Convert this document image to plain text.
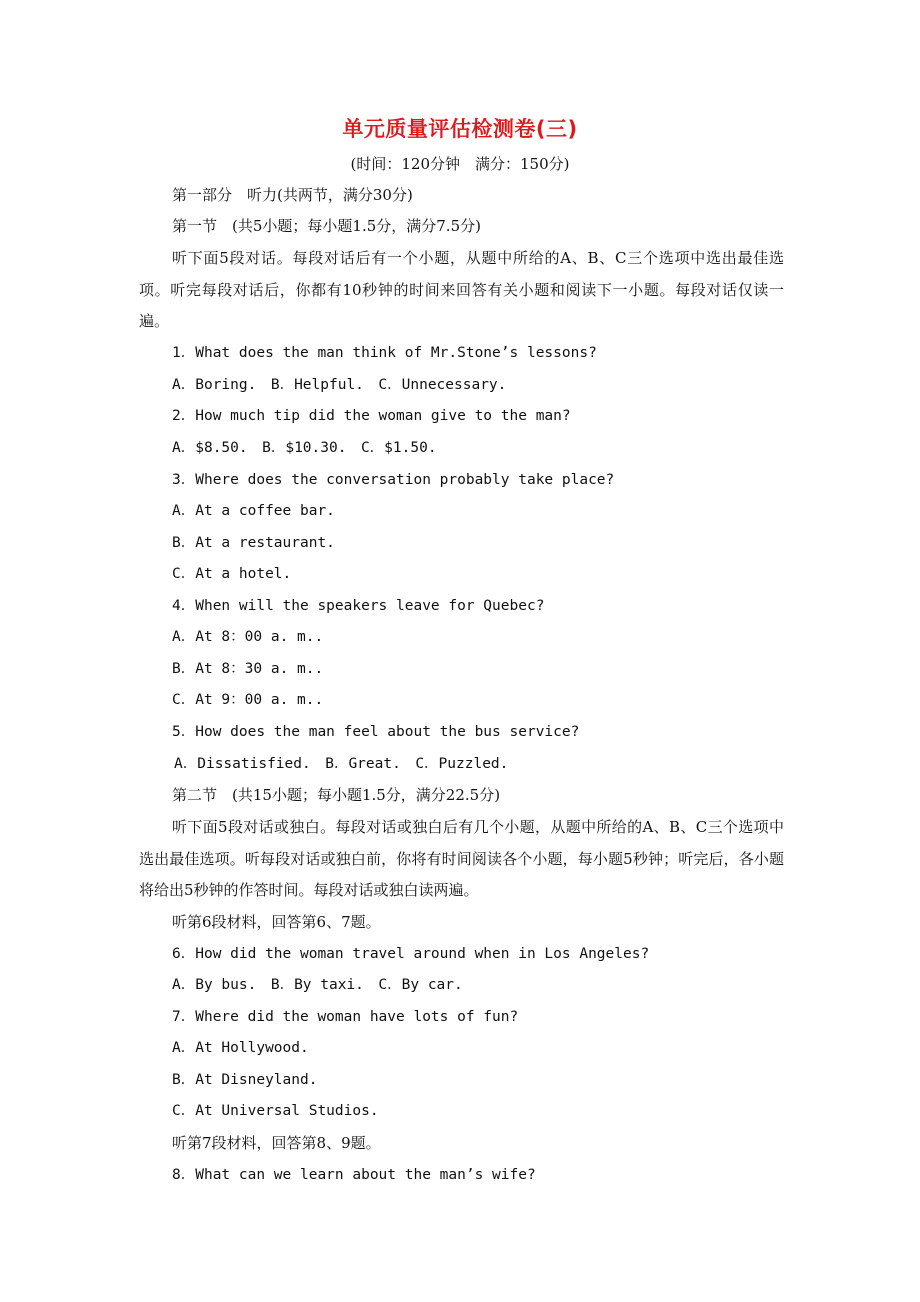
单元质量评估检测卷(三)
(时间：120分钟　满分：150分)
第一部分　听力(共两节，满分30分)
第一节　(共5小题；每小题1.5分，满分7.5分)
听下面5段对话。每段对话后有一个小题，从题中所给的A、B、C三个选项中选出最佳选项。听完每段对话后，你都有10秒钟的时间来回答有关小题和阅读下一小题。每段对话仅读一遍。
1．What does the man think of Mr.Stone’s lessons?
A．Boring.　B．Helpful.　C．Unnecessary.
2．How much tip did the woman give to the man?
A．$8.50.　B．$10.30.　C．$1.50.
3．Where does the conversation probably take place?
A．At a coffee bar.
B．At a restaurant.
C．At a hotel.
4．When will the speakers leave for Quebec?
A．At 8：00 a. m..
B．At 8：30 a. m..
C．At 9：00 a. m..
5．How does the man feel about the bus service?
A．Dissatisfied.　B．Great.　C．Puzzled.
第二节　(共15小题；每小题1.5分，满分22.5分)
听下面5段对话或独白。每段对话或独白后有几个小题，从题中所给的A、B、C三个选项中选出最佳选项。听每段对话或独白前，你将有时间阅读各个小题，每小题5秒钟；听完后，各小题将给出5秒钟的作答时间。每段对话或独白读两遍。
听第6段材料，回答第6、7题。
6．How did the woman travel around when in Los Angeles?
A．By bus.　B．By taxi.　C．By car.
7．Where did the woman have lots of fun?
A．At Hollywood.
B．At Disneyland.
C．At Universal Studios.
听第7段材料，回答第8、9题。
8．What can we learn about the man’s wife?
